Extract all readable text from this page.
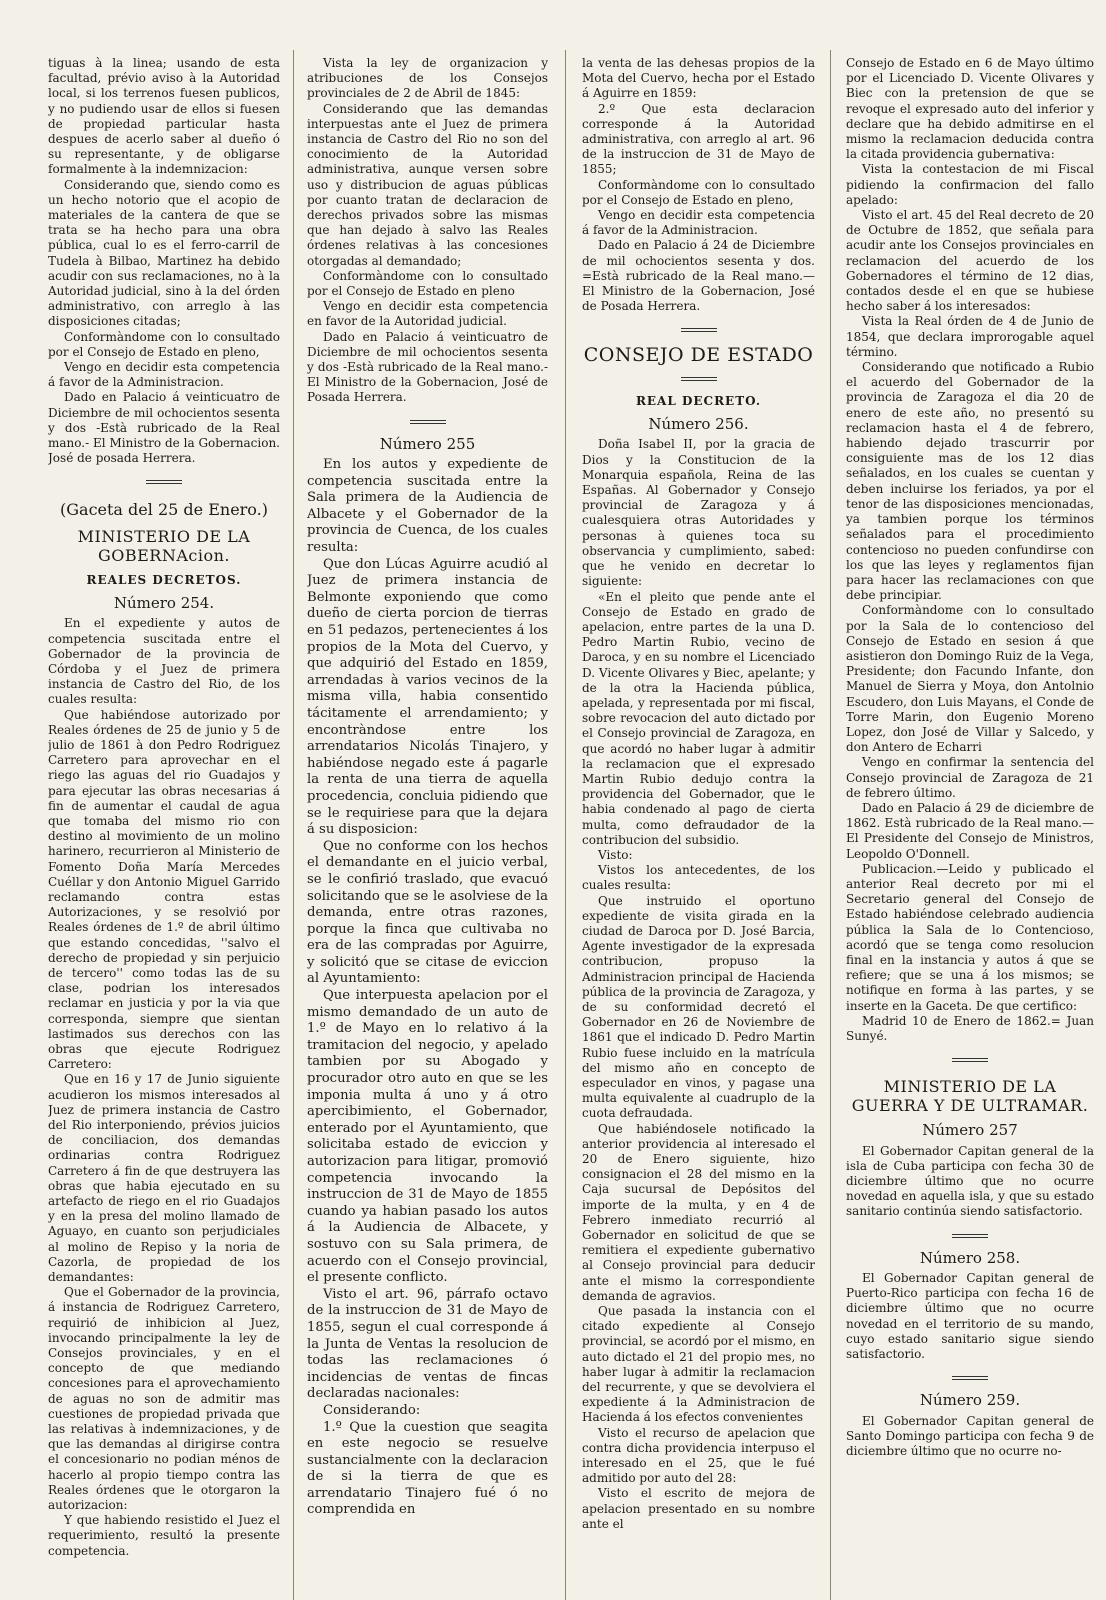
tiguas à la linea; usando de esta facultad, prévio aviso à la Autoridad local, si los terrenos fuesen publicos, y no pudiendo usar de ellos si fuesen de propiedad particular hasta despues de acerlo saber al dueño ó su representante, y de obligarse formalmente à la indemnizacion:

Considerando que, siendo como es un hecho notorio que el acopio de materiales de la cantera de que se trata se ha hecho para una obra pública, cual lo es el ferro-carril de Tudela à Bilbao, Martinez ha debido acudir con sus reclamaciones, no à la Autoridad judicial, sino à la del órden administrativo, con arreglo à las disposiciones citadas;

Conformàndome con lo consultado por el Consejo de Estado en pleno,

Vengo en decidir esta competencia á favor de la Administracion.

Dado en Palacio á veinticuatro de Diciembre de mil ochocientos sesenta y dos -Està rubricado de la Real mano.- El Ministro de la Gobernacion. José de posada Herrera.

(Gaceta del 25 de Enero.)
MINISTERIO DE LA GOBERNAcion.
REALES DECRETOS.
Número 254.

En el expediente y autos de competencia suscitada entre el Gobernador de la provincia de Córdoba y el Juez de primera instancia de Castro del Rio, de los cuales resulta:

Que habiéndose autorizado por Reales órdenes de 25 de junio y 5 de julio de 1861 à don Pedro Rodriguez Carretero para aprovechar en el riego las aguas del rio Guadajos y para ejecutar las obras necesarias á fin de aumentar el caudal de agua que tomaba del mismo rio con destino al movimiento de un molino harinero, recurrieron al Ministerio de Fomento Doña María Mercedes Cuéllar y don Antonio Miguel Garrido reclamando contra estas Autorizaciones, y se resolvió por Reales órdenes de 1.º de abril último que estando concedidas, ''salvo el derecho de propiedad y sin perjuicio de tercero'' como todas las de su clase, podrian los interesados reclamar en justicia y por la via que corresponda, siempre que sientan lastimados sus derechos con las obras que ejecute Rodriguez Carretero:

Que en 16 y 17 de Junio siguiente acudieron los mismos interesados al Juez de primera instancia de Castro del Rio interponiendo, prévios juicios de conciliacion, dos demandas ordinarias contra Rodriguez Carretero á fin de que destruyera las obras que habia ejecutado en su artefacto de riego en el rio Guadajos y en la presa del molino llamado de Aguayo, en cuanto son perjudiciales al molino de Repiso y la noria de Cazorla, de propiedad de los demandantes:

Que el Gobernador de la provincia, á instancia de Rodriguez Carretero, requirió de inhibicion al Juez, invocando principalmente la ley de Consejos provinciales, y en el concepto de que mediando concesiones para el aprovechamiento de aguas no son de admitir mas cuestiones de propiedad privada que las relativas à indemnizaciones, y de que las demandas al dirigirse contra el concesionario no podian ménos de hacerlo al propio tiempo contra las Reales órdenes que le otorgaron la autorizacion:

Y que habiendo resistido el Juez el requerimiento, resultó la presente competencia.

Vista la ley de organizacion y atribuciones de los Consejos provinciales de 2 de Abril de 1845:

Considerando que las demandas interpuestas ante el Juez de primera instancia de Castro del Rio no son del conocimiento de la Autoridad administrativa, aunque versen sobre uso y distribucion de aguas públicas por cuanto tratan de declaracion de derechos privados sobre las mismas que han dejado à salvo las Reales órdenes relativas à las concesiones otorgadas al demandado;

Conformàndome con lo consultado por el Consejo de Estado en pleno

Vengo en decidir esta competencia en favor de la Autoridad judicial.

Dado en Palacio á veinticuatro de Diciembre de mil ochocientos sesenta y dos -Està rubricado de la Real mano.-El Ministro de la Gobernacion, José de Posada Herrera.

Número 255

En los autos y expediente de competencia suscitada entre la Sala primera de la Audiencia de Albacete y el Gobernador de la provincia de Cuenca, de los cuales resulta:

Que don Lúcas Aguirre acudió al Juez de primera instancia de Belmonte exponiendo que como dueño de cierta porcion de tierras en 51 pedazos, pertenecientes á los propios de la Mota del Cuervo, y que adquirió del Estado en 1859, arrendadas à varios vecinos de la misma villa, habia consentido tácitamente el arrendamiento; y encontràndose entre los arrendatarios Nicolás Tinajero, y habiéndose negado este á pagarle la renta de una tierra de aquella procedencia, concluia pidiendo que se le requiriese para que la dejara á su disposicion:

Que no conforme con los hechos el demandante en el juicio verbal, se le confirió traslado, que evacuó solicitando que se le asolviese de la demanda, entre otras razones, porque la finca que cultivaba no era de las compradas por Aguirre, y solicitó que se citase de eviccion al Ayuntamiento:

Que interpuesta apelacion por el mismo demandado de un auto de 1.º de Mayo en lo relativo á la tramitacion del negocio, y apelado tambien por su Abogado y procurador otro auto en que se les imponia multa á uno y á otro apercibimiento, el Gobernador, enterado por el Ayuntamiento, que solicitaba estado de eviccion y autorizacion para litigar, promovió competencia invocando la instruccion de 31 de Mayo de 1855 cuando ya habian pasado los autos á la Audiencia de Albacete, y sostuvo con su Sala primera, de acuerdo con el Consejo provincial, el presente conflicto.

Visto el art. 96, párrafo octavo de la instruccion de 31 de Mayo de 1855, segun el cual corresponde á la Junta de Ventas la resolucion de todas las reclamaciones ó incidencias de ventas de fincas declaradas nacionales:

Considerando:

1.º Que la cuestion que seagita en este negocio se resuelve sustancialmente con la declaracion de si la tierra de que es arrendatario Tinajero fué ó no comprendida en

la venta de las dehesas propios de la Mota del Cuervo, hecha por el Estado á Aguirre en 1859:

2.º Que esta declaracion corresponde á la Autoridad administrativa, con arreglo al art. 96 de la instruccion de 31 de Mayo de 1855;

Conformàndome con lo consultado por el Consejo de Estado en pleno,

Vengo en decidir esta competencia á favor de la Administracion.

Dado en Palacio á 24 de Diciembre de mil ochocientos sesenta y dos. =Està rubricado de la Real mano.— El Ministro de la Gobernacion, José de Posada Herrera.

CONSEJO DE ESTADO
REAL DECRETO.
Número 256.

Doña Isabel II, por la gracia de Dios y la Constitucion de la Monarquia española, Reina de las Españas. Al Gobernador y Consejo provincial de Zaragoza y á cualesquiera otras Autoridades y personas à quienes toca su observancia y cumplimiento, sabed: que he venido en decretar lo siguiente:

«En el pleito que pende ante el Consejo de Estado en grado de apelacion, entre partes de la una D. Pedro Martin Rubio, vecino de Daroca, y en su nombre el Licenciado D. Vicente Olivares y Biec, apelante; y de la otra la Hacienda pública, apelada, y representada por mi fiscal, sobre revocacion del auto dictado por el Consejo provincial de Zaragoza, en que acordó no haber lugar à admitir la reclamacion que el expresado Martin Rubio dedujo contra la providencia del Gobernador, que le habia condenado al pago de cierta multa, como defraudador de la contribucion del subsidio.

Visto:

Vistos los antecedentes, de los cuales resulta:

Que instruido el oportuno expediente de visita girada en la ciudad de Daroca por D. José Barcia, Agente investigador de la expresada contribucion, propuso la Administracion principal de Hacienda pública de la provincia de Zaragoza, y de su conformidad decretó el Gobernador en 26 de Noviembre de 1861 que el indicado D. Pedro Martin Rubio fuese incluido en la matrícula del mismo año en concepto de especulador en vinos, y pagase una multa equivalente al cuadruplo de la cuota defraudada.

Que habiéndosele notificado la anterior providencia al interesado el 20 de Enero siguiente, hizo consignacion el 28 del mismo en la Caja sucursal de Depósitos del importe de la multa, y en 4 de Febrero inmediato recurrió al Gobernador en solicitud de que se remitiera el expediente gubernativo al Consejo provincial para deducir ante el mismo la correspondiente demanda de agravios.

Que pasada la instancia con el citado expediente al Consejo provincial, se acordó por el mismo, en auto dictado el 21 del propio mes, no haber lugar à admitir la reclamacion del recurrente, y que se devolviera el expediente á la Administracion de Hacienda á los efectos convenientes

Visto el recurso de apelacion que contra dicha providencia interpuso el interesado en el 25, que le fué admitido por auto del 28:

Visto el escrito de mejora de apelacion presentado en su nombre ante el

Consejo de Estado en 6 de Mayo último por el Licenciado D. Vicente Olivares y Biec con la pretension de que se revoque el expresado auto del inferior y declare que ha debido admitirse en el mismo la reclamacion deducida contra la citada providencia gubernativa:

Vista la contestacion de mi Fiscal pidiendo la confirmacion del fallo apelado:

Visto el art. 45 del Real decreto de 20 de Octubre de 1852, que señala para acudir ante los Consejos provinciales en reclamacion del acuerdo de los Gobernadores el término de 12 dias, contados desde el en que se hubiese hecho saber á los interesados:

Vista la Real órden de 4 de Junio de 1854, que declara improrogable aquel término.

Considerando que notificado a Rubio el acuerdo del Gobernador de la provincia de Zaragoza el dia 20 de enero de este año, no presentó su reclamacion hasta el 4 de febrero, habiendo dejado trascurrir por consiguiente mas de los 12 dias señalados, en los cuales se cuentan y deben incluirse los feriados, ya por el tenor de las disposiciones mencionadas, ya tambien porque los términos señalados para el procedimiento contencioso no pueden confundirse con los que las leyes y reglamentos fijan para hacer las reclamaciones con que debe principiar.

Conformàndome con lo consultado por la Sala de lo contencioso del Consejo de Estado en sesion á que asistieron don Domingo Ruiz de la Vega, Presidente; don Facundo Infante, don Manuel de Sierra y Moya, don Antolnio Escudero, don Luis Mayans, el Conde de Torre Marin, don Eugenio Moreno Lopez, don José de Villar y Salcedo, y don Antero de Echarri

Vengo en confirmar la sentencia del Consejo provincial de Zaragoza de 21 de febrero último.

Dado en Palacio á 29 de diciembre de 1862. Està rubricado de la Real mano.—El Presidente del Consejo de Ministros, Leopoldo O'Donnell.

Publicacion.—Leido y publicado el anterior Real decreto por mi el Secretario general del Consejo de Estado habiéndose celebrado audiencia pública la Sala de lo Contencioso, acordó que se tenga como resolucion final en la instancia y autos á que se refiere; que se una á los mismos; se notifique en forma à las partes, y se inserte en la Gaceta. De que certifico:

Madrid 10 de Enero de 1862.= Juan Sunyé.

MINISTERIO DE LA GUERRA Y DE ULTRAMAR.
Número 257

El Gobernador Capitan general de la isla de Cuba participa con fecha 30 de diciembre último que no ocurre novedad en aquella isla, y que su estado sanitario continúa siendo satisfactorio.

Número 258.

El Gobernador Capitan general de Puerto-Rico participa con fecha 16 de diciembre último que no ocurre novedad en el territorio de su mando, cuyo estado sanitario sigue siendo satisfactorio.

Número 259.

El Gobernador Capitan general de Santo Domingo participa con fecha 9 de diciembre último que no ocurre no-
